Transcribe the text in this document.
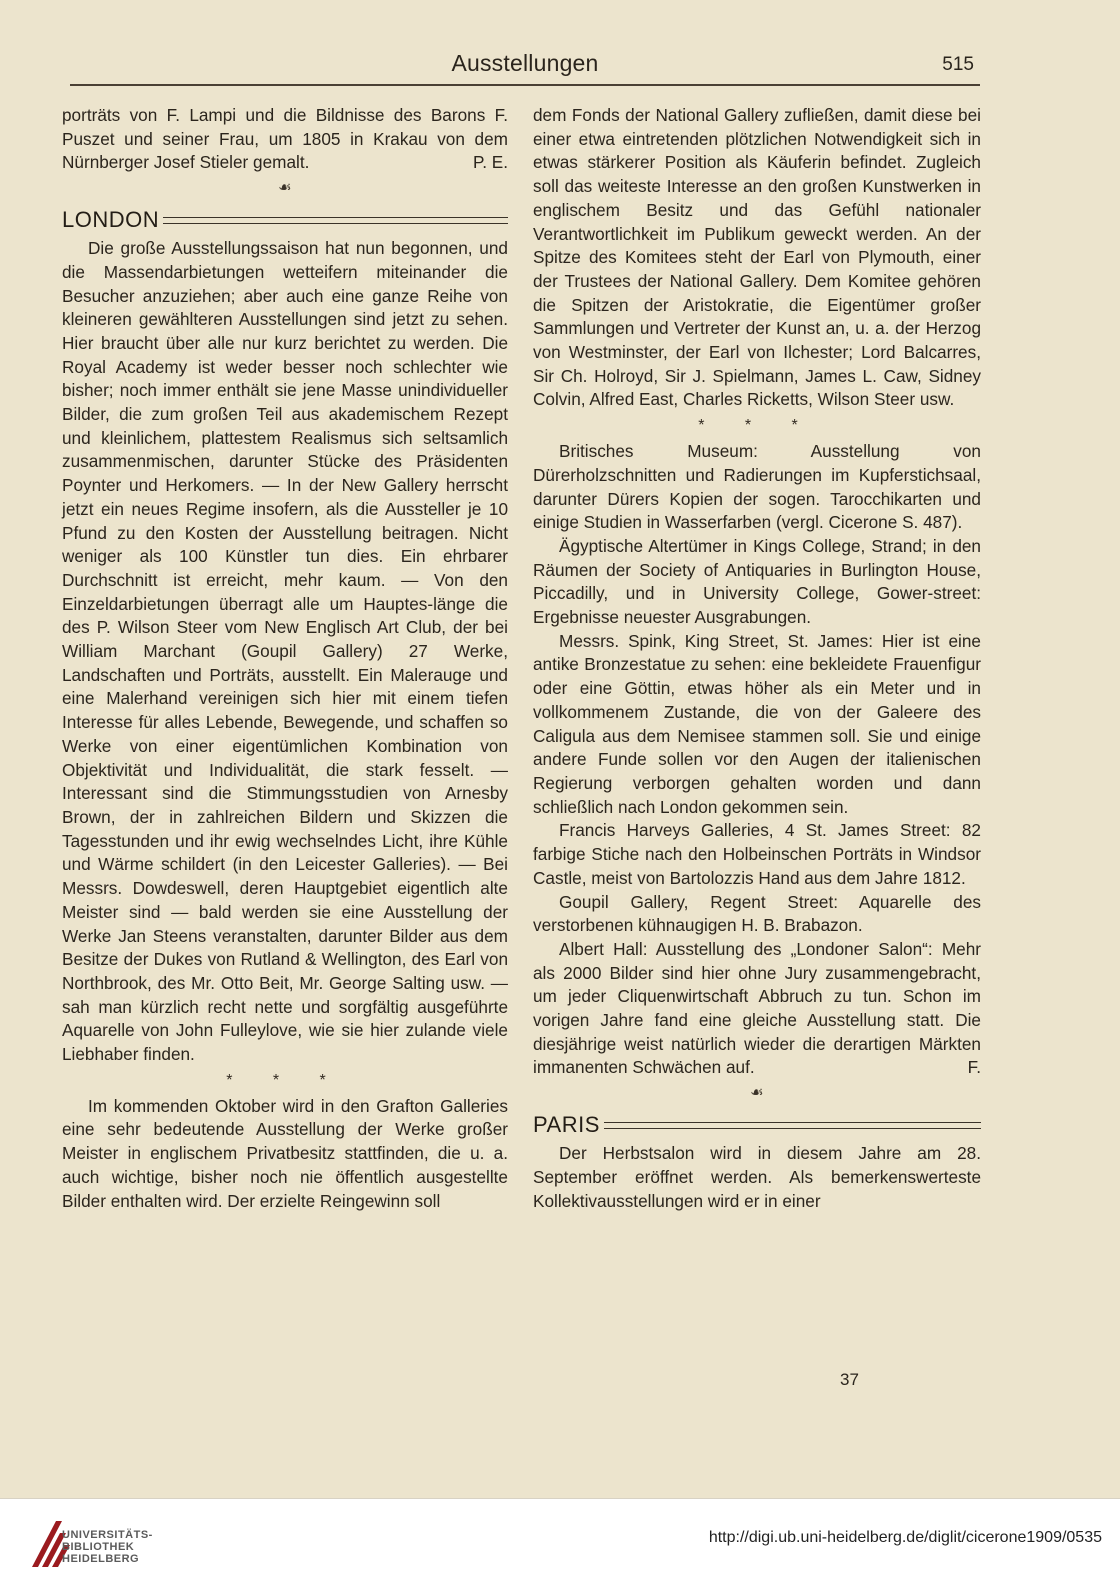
Ausstellungen	515

porträts von F. Lampi und die Bildnisse des Barons F. Puszet und seiner Frau, um 1805 in Krakau von dem Nürnberger Josef Stieler gemalt.	P. E.

☙
LONDON

Die große Ausstellungssaison hat nun begonnen, und die Massendarbietungen wetteifern miteinander die Besucher anzuziehen; aber auch eine ganze Reihe von kleineren gewählteren Ausstellungen sind jetzt zu sehen. Hier braucht über alle nur kurz berichtet zu werden. Die Royal Academy ist weder besser noch schlechter wie bisher; noch immer enthält sie jene Masse unindividueller Bilder, die zum großen Teil aus akademischem Rezept und kleinlichem, plattestem Realismus sich seltsamlich zusammenmischen, darunter Stücke des Präsidenten Poynter und Herkomers. — In der New Gallery herrscht jetzt ein neues Regime insofern, als die Aussteller je 10 Pfund zu den Kosten der Ausstellung beitragen. Nicht weniger als 100 Künstler tun dies. Ein ehrbarer Durchschnitt ist erreicht, mehr kaum. — Von den Einzeldarbietungen überragt alle um Hauptes-länge die des P. Wilson Steer vom New Englisch Art Club, der bei William Marchant (Goupil Gallery) 27 Werke, Landschaften und Porträts, ausstellt. Ein Malerauge und eine Malerhand vereinigen sich hier mit einem tiefen Interesse für alles Lebende, Bewegende, und schaffen so Werke von einer eigentümlichen Kombination von Objektivität und Individualität, die stark fesselt. — Interessant sind die Stimmungsstudien von Arnesby Brown, der in zahlreichen Bildern und Skizzen die Tagesstunden und ihr ewig wechselndes Licht, ihre Kühle und Wärme schildert (in den Leicester Galleries). — Bei Messrs. Dowdeswell, deren Hauptgebiet eigentlich alte Meister sind — bald werden sie eine Ausstellung der Werke Jan Steens veranstalten, darunter Bilder aus dem Besitze der Dukes von Rutland & Wellington, des Earl von Northbrook, des Mr. Otto Beit, Mr. George Salting usw. — sah man kürzlich recht nette und sorgfältig ausgeführte Aquarelle von John Fulleylove, wie sie hier zulande viele Liebhaber finden.

* * *

Im kommenden Oktober wird in den Grafton Galleries eine sehr bedeutende Ausstellung der Werke großer Meister in englischem Privatbesitz stattfinden, die u. a. auch wichtige, bisher noch nie öffentlich ausgestellte Bilder enthalten wird. Der erzielte Reingewinn soll

dem Fonds der National Gallery zufließen, damit diese bei einer etwa eintretenden plötzlichen Notwendigkeit sich in etwas stärkerer Position als Käuferin befindet. Zugleich soll das weiteste Interesse an den großen Kunstwerken in englischem Besitz und das Gefühl nationaler Verantwortlichkeit im Publikum geweckt werden. An der Spitze des Komitees steht der Earl von Plymouth, einer der Trustees der National Gallery. Dem Komitee gehören die Spitzen der Aristokratie, die Eigentümer großer Sammlungen und Vertreter der Kunst an, u. a. der Herzog von Westminster, der Earl von Ilchester; Lord Balcarres, Sir Ch. Holroyd, Sir J. Spielmann, James L. Caw, Sidney Colvin, Alfred East, Charles Ricketts, Wilson Steer usw.

* * *

Britisches Museum: Ausstellung von Dürerholzschnitten und Radierungen im Kupferstichsaal, darunter Dürers Kopien der sogen. Tarocchikarten und einige Studien in Wasserfarben (vergl. Cicerone S. 487).

Ägyptische Altertümer in Kings College, Strand; in den Räumen der Society of Antiquaries in Burlington House, Piccadilly, und in University College, Gower-street: Ergebnisse neuester Ausgrabungen.

Messrs. Spink, King Street, St. James: Hier ist eine antike Bronzestatue zu sehen: eine bekleidete Frauenfigur oder eine Göttin, etwas höher als ein Meter und in vollkommenem Zustande, die von der Galeere des Caligula aus dem Nemisee stammen soll. Sie und einige andere Funde sollen vor den Augen der italienischen Regierung verborgen gehalten worden und dann schließlich nach London gekommen sein.

Francis Harveys Galleries, 4 St. James Street: 82 farbige Stiche nach den Holbeinschen Porträts in Windsor Castle, meist von Bartolozzis Hand aus dem Jahre 1812.

Goupil Gallery, Regent Street: Aquarelle des verstorbenen kühnaugigen H. B. Brabazon.

Albert Hall: Ausstellung des „Londoner Salon“: Mehr als 2000 Bilder sind hier ohne Jury zusammengebracht, um jeder Cliquenwirtschaft Abbruch zu tun. Schon im vorigen Jahre fand eine gleiche Ausstellung statt. Die diesjährige weist natürlich wieder die derartigen Märkten immanenten Schwächen auf.	F.

☙
PARIS

Der Herbstsalon wird in diesem Jahre am 28. September eröffnet werden. Als bemerkenswerteste Kollektivausstellungen wird er in einer

37
UNIVERSITÄTS-
BIBLIOTHEK
HEIDELBERG
http://digi.ub.uni-heidelberg.de/diglit/cicerone1909/0535
